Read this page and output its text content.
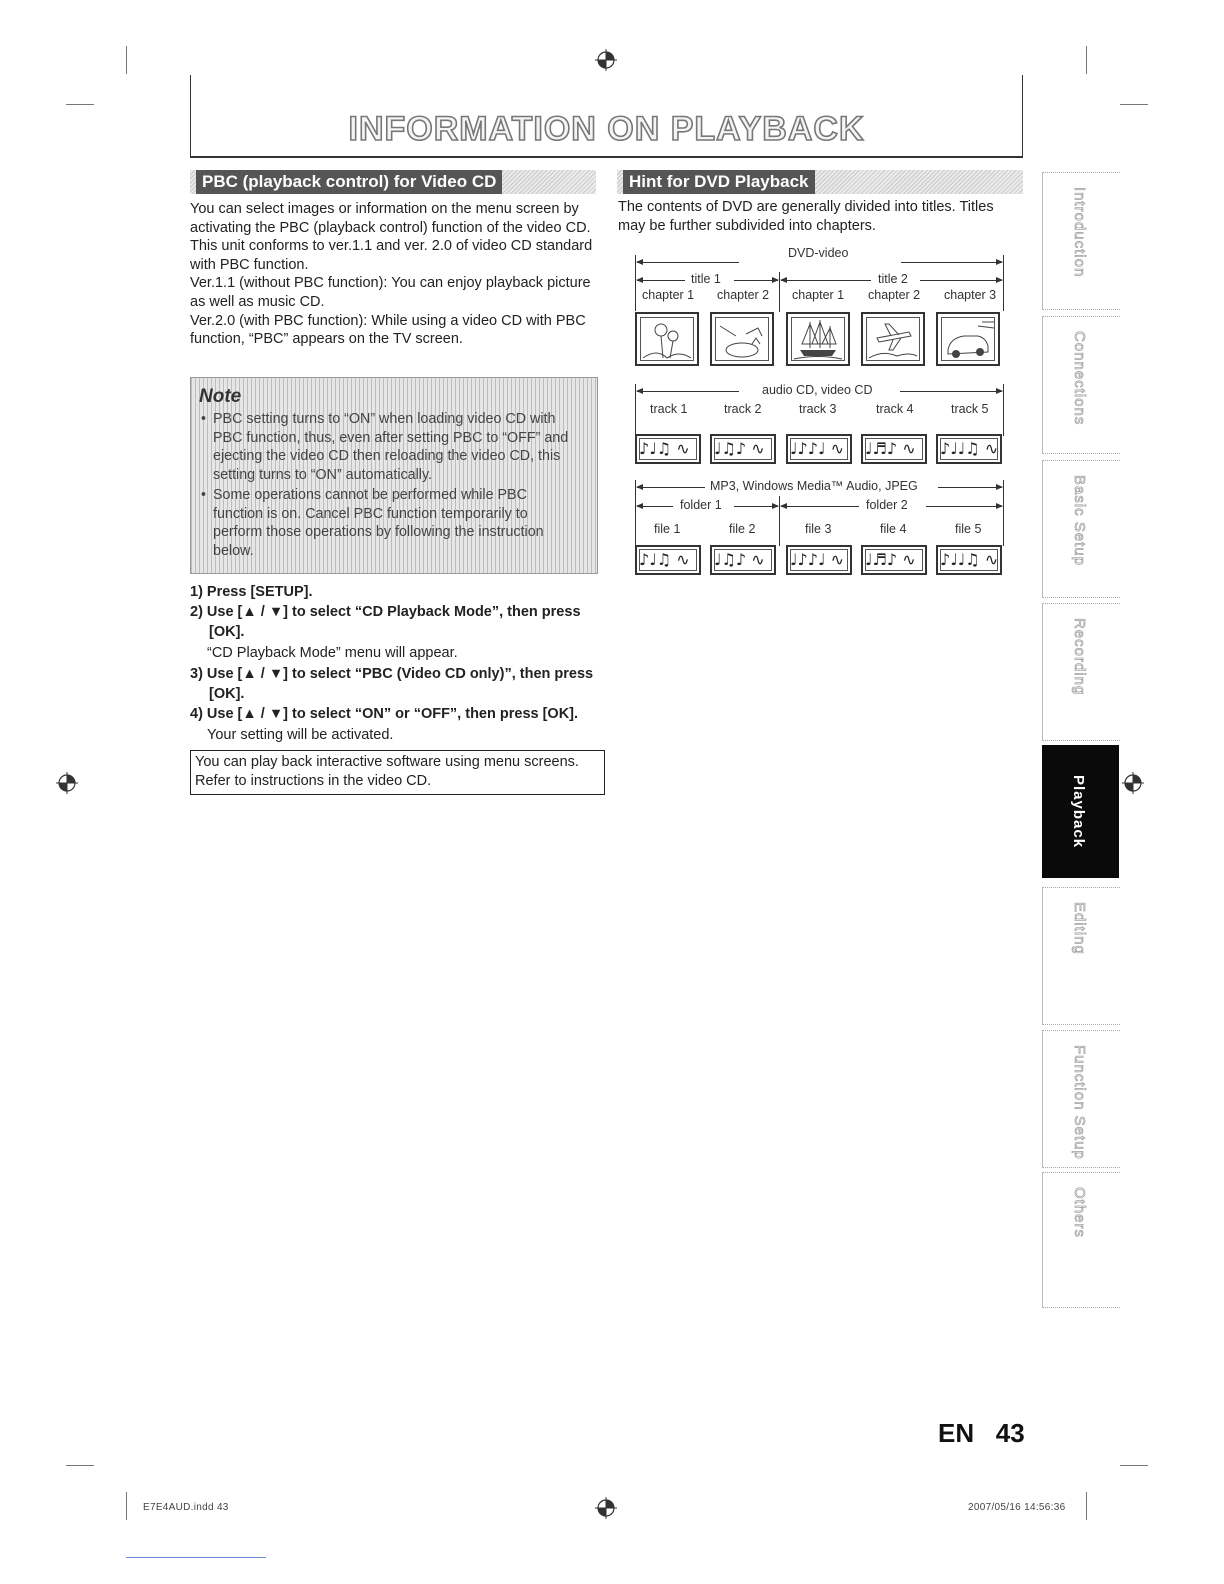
INFORMATION ON PLAYBACK
PBC (playback control) for Video CD

You can select images or information on the menu screen by activating the PBC (playback control) function of the video CD.

This unit conforms to ver.1.1 and ver. 2.0 of video CD standard with PBC function.

Ver.1.1 (without PBC function): You can enjoy playback picture as well as music CD.

Ver.2.0 (with PBC function): While using a video CD with PBC function, “PBC” appears on the TV screen.

Note
• PBC setting turns to “ON” when loading video CD with PBC function, thus, even after setting PBC to “OFF” and ejecting the video CD then reloading the video CD, this setting turns to “ON” automatically.
• Some operations cannot be performed while PBC function is on. Cancel PBC function temporarily to perform those operations by following the instruction below.
1) Press [SETUP].
2) Use [▲ / ▼] to select “CD Playback Mode”, then press [OK].
“CD Playback Mode” menu will appear.
3) Use [▲ / ▼] to select “PBC (Video CD only)”, then press [OK].
4) Use [▲ / ▼] to select “ON” or “OFF”, then press [OK].
Your setting will be activated.
You can play back interactive software using menu screens. Refer to instructions in the video CD.
Hint for DVD Playback
The contents of DVD are generally divided into titles. Titles may be further subdivided into chapters.
DVD-video
title 1	title 2
chapter 1 chapter 2 chapter 1 chapter 2 chapter 3
audio CD, video CD
track 1	track 2	track 3	track 4	track 5
♪♩♫ ∿	♩♫♪ ∿	♩♪♪♩ ∿	♩♬♪ ∿	♪♩♩♫ ∿
MP3, Windows Media™ Audio, JPEG
folder 1	folder 2
file 1	file 2	file 3	file 4	file 5
♪♩♫ ∿	♩♫♪ ∿	♩♪♪♩ ∿	♩♬♪ ∿	♪♩♩♫ ∿
Introduction
Connections
Basic Setup
Recording
Playback
Editing
Function Setup
Others
EN 43
E7E4AUD.indd 43	2007/05/16 14:56:36
